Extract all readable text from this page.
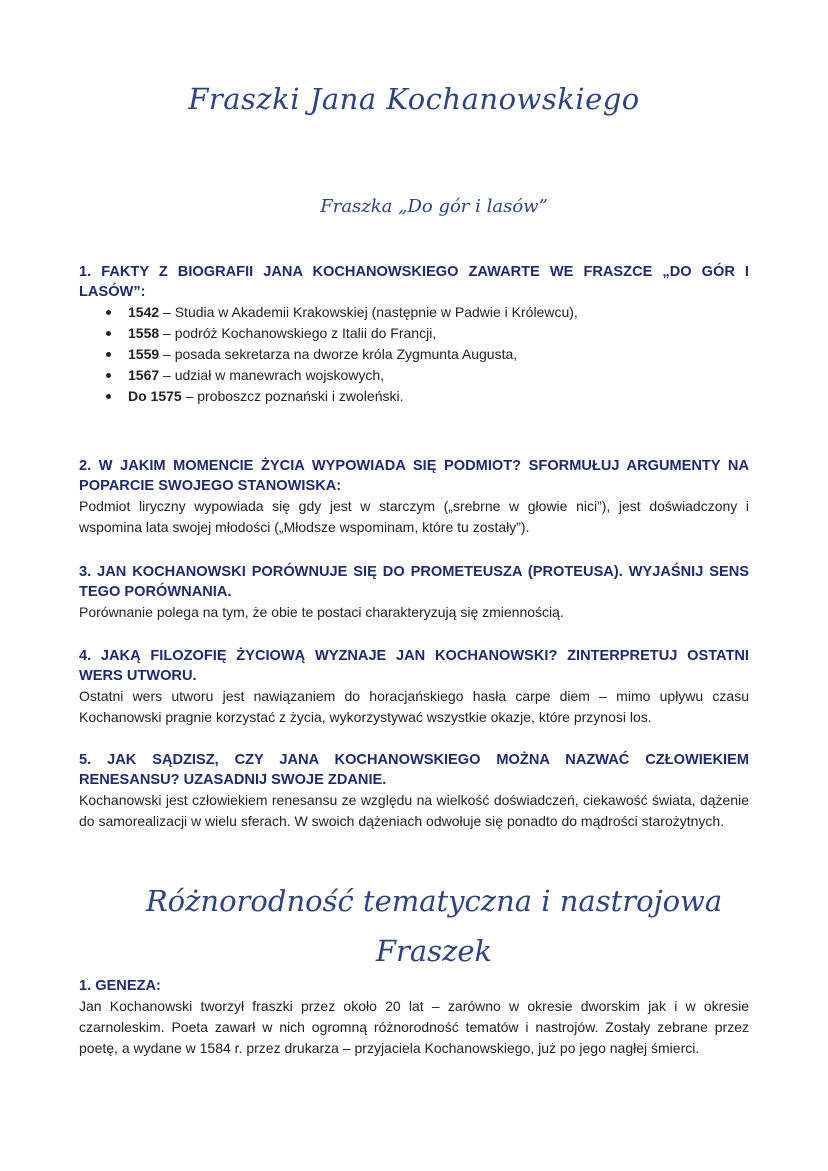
Fraszki Jana Kochanowskiego
Fraszka „Do gór i lasów”

1. FAKTY Z BIOGRAFII JANA KOCHANOWSKIEGO ZAWARTE WE FRASZCE „DO GÓR I LASÓW”:

1542 – Studia w Akademii Krakowskiej (następnie w Padwie i Królewcu),
1558 – podróż Kochanowskiego z Italii do Francji,
1559 – posada sekretarza na dworze króla Zygmunta Augusta,
1567 – udział w manewrach wojskowych,
Do 1575 – proboszcz poznański i zwoleński.

2. W JAKIM MOMENCIE ŻYCIA WYPOWIADA SIĘ PODMIOT? SFORMUŁUJ ARGUMENTY NA POPARCIE SWOJEGO STANOWISKA:

Podmiot liryczny wypowiada się gdy jest w starczym („srebrne w głowie nici”), jest doświadczony i wspomina lata swojej młodości („Młodsze wspominam, które tu zostały”).

3. JAN KOCHANOWSKI PORÓWNUJE SIĘ DO PROMETEUSZA (PROTEUSA). WYJAŚNIJ SENS TEGO PORÓWNANIA.

Porównanie polega na tym, że obie te postaci charakteryzują się zmiennością.

4. JAKĄ FILOZOFIĘ ŻYCIOWĄ WYZNAJE JAN KOCHANOWSKI? ZINTERPRETUJ OSTATNI WERS UTWORU.

Ostatni wers utworu jest nawiązaniem do horacjańskiego hasła carpe diem – mimo upływu czasu Kochanowski pragnie korzystać z życia, wykorzystywać wszystkie okazje, które przynosi los.

5. JAK SĄDZISZ, CZY JANA KOCHANOWSKIEGO MOŻNA NAZWAĆ CZŁOWIEKIEM RENESANSU? UZASADNIJ SWOJE ZDANIE.

Kochanowski jest człowiekiem renesansu ze względu na wielkość doświadczeń, ciekawość świata, dążenie do samorealizacji w wielu sferach. W swoich dążeniach odwołuje się ponadto do mądrości starożytnych.

Różnorodność tematyczna i nastrojowa
Fraszek

1. GENEZA:

Jan Kochanowski tworzył fraszki przez około 20 lat – zarówno w okresie dworskim jak i w okresie czarnoleskim. Poeta zawarł w nich ogromną różnorodność tematów i nastrojów. Zostały zebrane przez poetę, a wydane w 1584 r. przez drukarza – przyjaciela Kochanowskiego, już po jego nagłej śmierci.
